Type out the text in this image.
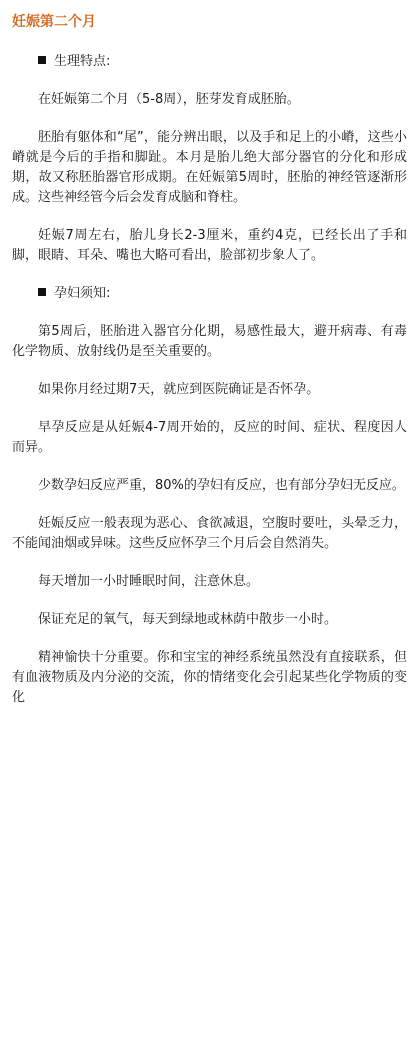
妊娠第二个月

生理特点:

在妊娠第二个月（5-8周），胚芽发育成胚胎。

胚胎有躯体和“尾”，能分辨出眼，以及手和足上的小嵴，这些小嵴就是今后的手指和脚趾。本月是胎儿绝大部分器官的分化和形成期，故又称胚胎器官形成期。在妊娠第5周时，胚胎的神经管逐渐形成。这些神经管今后会发育成脑和脊柱。

妊娠7周左右，胎儿身长2-3厘米，重约4克，已经长出了手和脚，眼睛、耳朵、嘴也大略可看出，脸部初步象人了。

孕妇须知:

第5周后，胚胎进入器官分化期，易感性最大，避开病毒、有毒化学物质、放射线仍是至关重要的。

如果你月经过期7天，就应到医院确证是否怀孕。

早孕反应是从妊娠4-7周开始的，反应的时间、症状、程度因人而异。

少数孕妇反应严重，80%的孕妇有反应，也有部分孕妇无反应。

妊娠反应一般表现为恶心、食欲减退，空腹时要吐，头晕乏力，不能闻油烟或异味。这些反应怀孕三个月后会自然消失。

每天增加一小时睡眠时间，注意休息。

保证充足的氧气，每天到绿地或林荫中散步一小时。

精神愉快十分重要。你和宝宝的神经系统虽然没有直接联系，但有血液物质及内分泌的交流，你的情绪变化会引起某些化学物质的变化
